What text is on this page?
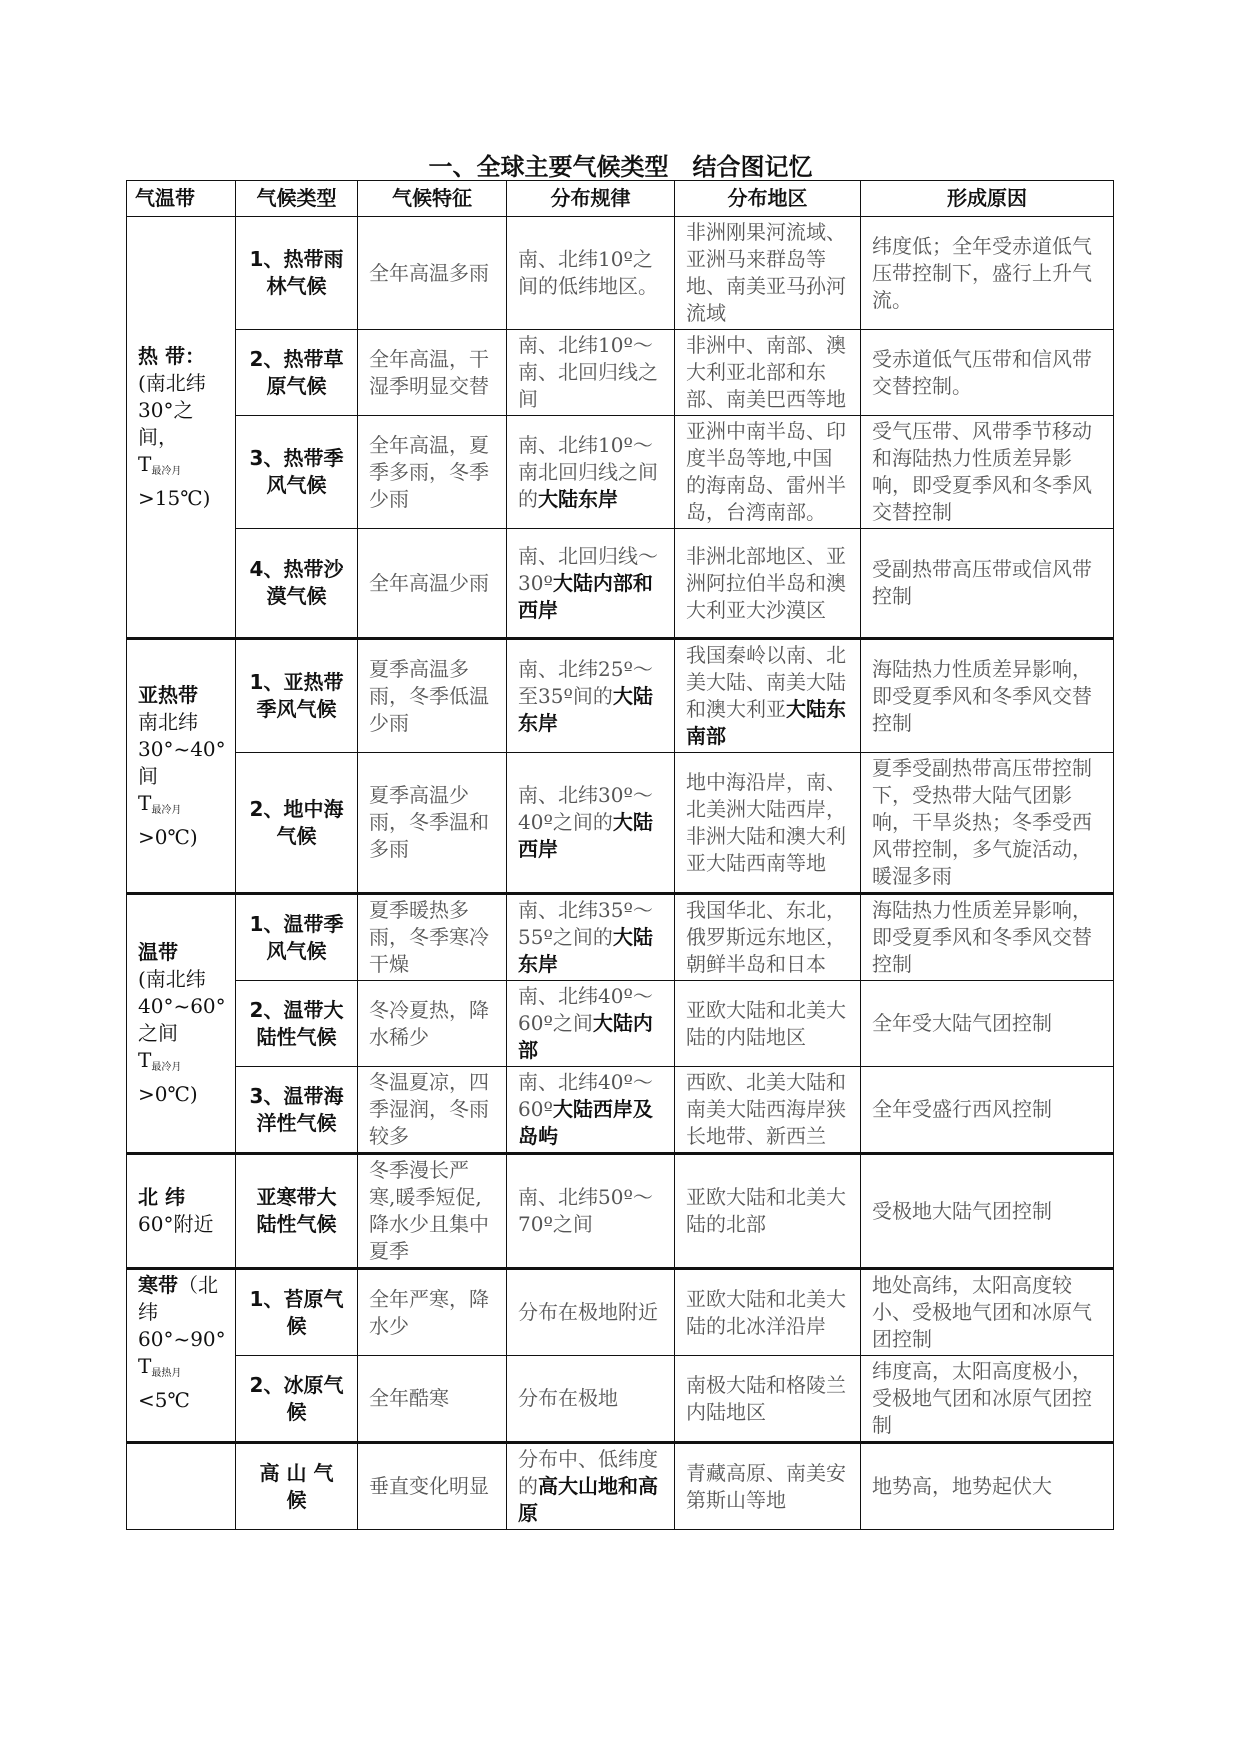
一、全球主要气候类型　结合图记忆
气温带	气候类型	气候特征	分布规律	分布地区	形成原因

热 带：
(南北纬30°之间，
$T_{最冷月}>15℃$)	1、热带雨林气候	全年高温多雨	南、北纬10º之间的低纬地区。	非洲刚果河流域、亚洲马来群岛等地、南美亚马孙河流域	纬度低；全年受赤道低气压带控制下，盛行上升气流。
	2、热带草原气候	全年高温，干湿季明显交替	南、北纬10º～南、北回归线之间	非洲中、南部、澳大利亚北部和东部、南美巴西等地	受赤道低气压带和信风带交替控制。
	3、热带季风气候	全年高温，夏季多雨，冬季少雨	南、北纬10º～南北回归线之间的大陆东岸	亚洲中南半岛、印度半岛等地,中国的海南岛、雷州半岛，台湾南部。	受气压带、风带季节移动和海陆热力性质差异影响，即受夏季风和冬季风交替控制
	4、热带沙漠气候	全年高温少雨	南、北回归线～30º大陆内部和西岸	非洲北部地区、亚洲阿拉伯半岛和澳大利亚大沙漠区	受副热带高压带或信风带控制

亚热带
南北纬30°~40°间
$T_{最冷月}>0℃$)	1、亚热带季风气候	夏季高温多雨，冬季低温少雨	南、北纬25º～至35º间的大陆东岸	我国秦岭以南、北美大陆、南美大陆和澳大利亚大陆东南部	海陆热力性质差异影响，即受夏季风和冬季风交替控制
	2、地中海气候	夏季高温少雨，冬季温和多雨	南、北纬30º～40º之间的大陆西岸	地中海沿岸，南、北美洲大陆西岸，非洲大陆和澳大利亚大陆西南等地	夏季受副热带高压带控制下，受热带大陆气团影响，干旱炎热；冬季受西风带控制，多气旋活动，暖湿多雨

温带
(南北纬40°~60°之间
$T_{最冷月}>0℃$)	1、温带季风气候	夏季暖热多雨，冬季寒冷干燥	南、北纬35º～55º之间的大陆东岸	我国华北、东北，俄罗斯远东地区，朝鲜半岛和日本	海陆热力性质差异影响，即受夏季风和冬季风交替控制
	2、温带大陆性气候	冬冷夏热，降水稀少	南、北纬40º～60º之间大陆内部	亚欧大陆和北美大陆的内陆地区	全年受大陆气团控制
	3、温带海洋性气候	冬温夏凉，四季湿润，冬雨较多	南、北纬40º～60º大陆西岸及岛屿	西欧、北美大陆和南美大陆西海岸狭长地带、新西兰	全年受盛行西风控制

北 纬
60°附近	亚寒带大陆性气候	冬季漫长严寒,暖季短促,降水少且集中夏季	南、北纬50º～70º之间	亚欧大陆和北美大陆的北部	受极地大陆气团控制

寒带（北纬60°~90°
$T_{最热月}<5℃$	1、苔原气候	全年严寒，降水少	分布在极地附近	亚欧大陆和北美大陆的北冰洋沿岸	地处高纬，太阳高度较小、受极地气团和冰原气团控制
	2、冰原气候	全年酷寒	分布在极地	南极大陆和格陵兰内陆地区	纬度高，太阳高度极小，受极地气团和冰原气团控制
	高 山 气 候	垂直变化明显	分布中、低纬度的高大山地和高原	青藏高原、南美安第斯山等地	地势高，地势起伏大
